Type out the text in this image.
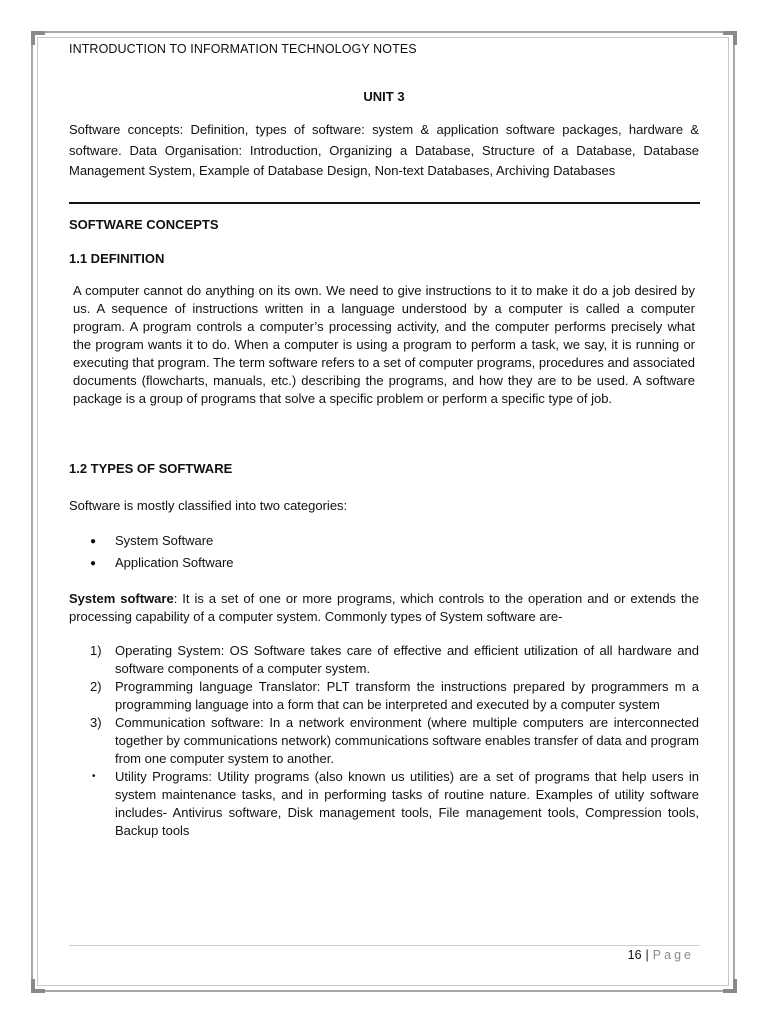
INTRODUCTION TO INFORMATION TECHNOLOGY NOTES
UNIT 3
Software concepts: Definition, types of software: system & application software packages, hardware & software. Data Organisation: Introduction, Organizing a Database, Structure of a Database, Database Management System, Example of Database Design, Non-text Databases, Archiving Databases
SOFTWARE CONCEPTS
1.1 DEFINITION
A computer cannot do anything on its own. We need to give instructions to it to make it do a job desired by us. A sequence of instructions written in a language understood by a computer is called a computer program. A program controls a computer’s processing activity, and the computer performs precisely what the program wants it to do. When a computer is using a program to perform a task, we say, it is running or executing that program. The term software refers to a set of computer programs, procedures and associated documents (flowcharts, manuals, etc.) describing the programs, and how they are to be used. A software package is a group of programs that solve a specific problem or perform a specific type of job.
1.2 TYPES OF SOFTWARE
Software is mostly classified into two categories:
● System Software
● Application Software
System software: It is a set of one or more programs, which controls to the operation and or extends the processing capability of a computer system. Commonly types of System software are-
1) Operating System: OS Software takes care of effective and efficient utilization of all hardware and software components of a computer system.
2) Programming language Translator: PLT transform the instructions prepared by programmers m a programming language into a form that can be interpreted and executed by a computer system
3) Communication software: In a network environment (where multiple computers are interconnected together by communications network) communications software enables transfer of data and program from one computer system to another.
• Utility Programs: Utility programs (also known us utilities) are a set of programs that help users in system maintenance tasks, and in performing tasks of routine nature. Examples of utility software includes- Antivirus software, Disk management tools, File management tools, Compression tools, Backup tools
16 | Page
